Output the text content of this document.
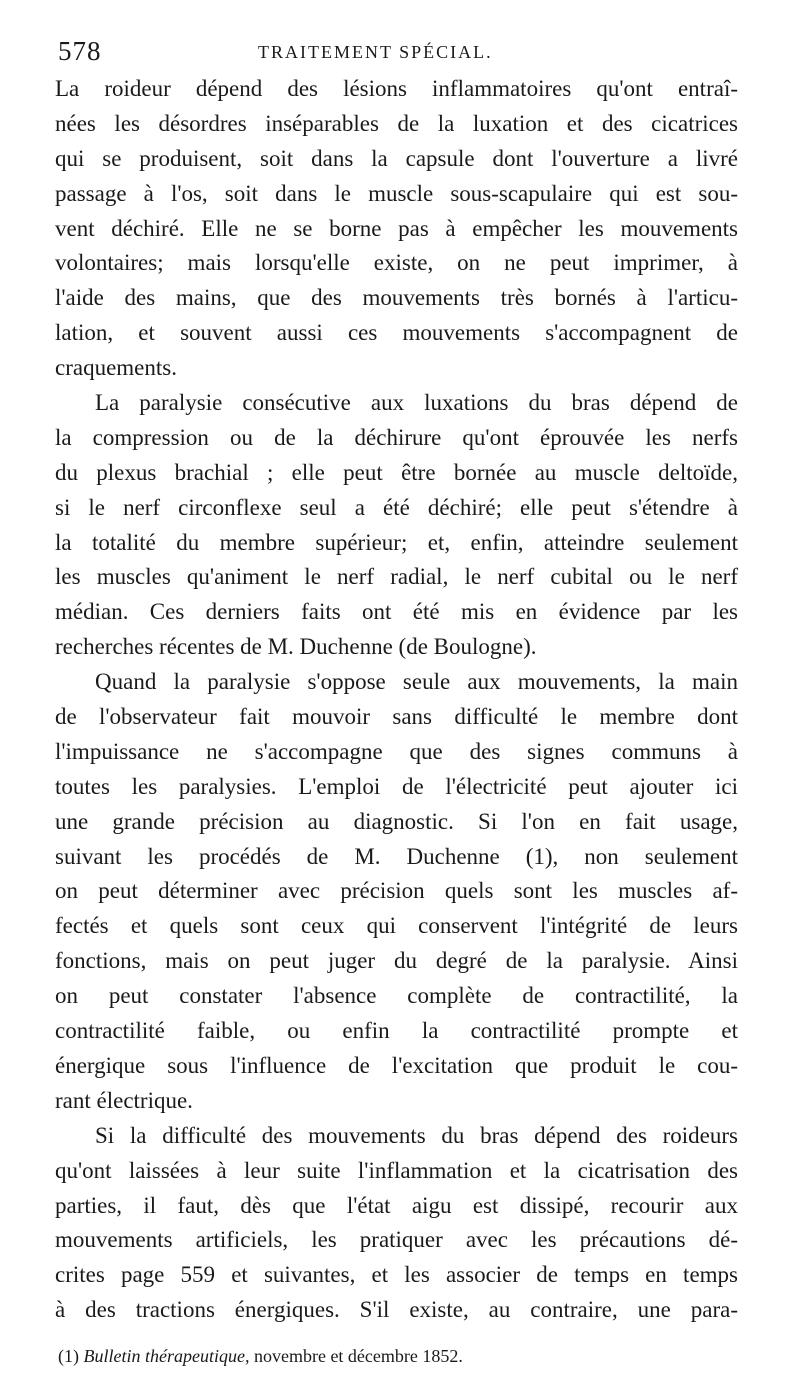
578	TRAITEMENT SPÉCIAL.
La roideur dépend des lésions inflammatoires qu'ont entraî-
nées les désordres inséparables de la luxation et des cicatrices
qui se produisent, soit dans la capsule dont l'ouverture a livré
passage à l'os, soit dans le muscle sous-scapulaire qui est sou-
vent déchiré. Elle ne se borne pas à empêcher les mouvements
volontaires; mais lorsqu'elle existe, on ne peut imprimer, à
l'aide des mains, que des mouvements très bornés à l'articu-
lation, et souvent aussi ces mouvements s'accompagnent de
craquements.
La paralysie consécutive aux luxations du bras dépend de
la compression ou de la déchirure qu'ont éprouvée les nerfs
du plexus brachial ; elle peut être bornée au muscle deltoïde,
si le nerf circonflexe seul a été déchiré; elle peut s'étendre à
la totalité du membre supérieur; et, enfin, atteindre seulement
les muscles qu'animent le nerf radial, le nerf cubital ou le nerf
médian. Ces derniers faits ont été mis en évidence par les
recherches récentes de M. Duchenne (de Boulogne).
Quand la paralysie s'oppose seule aux mouvements, la main
de l'observateur fait mouvoir sans difficulté le membre dont
l'impuissance ne s'accompagne que des signes communs à
toutes les paralysies. L'emploi de l'électricité peut ajouter ici
une grande précision au diagnostic. Si l'on en fait usage,
suivant les procédés de M. Duchenne (1), non seulement
on peut déterminer avec précision quels sont les muscles af-
fectés et quels sont ceux qui conservent l'intégrité de leurs
fonctions, mais on peut juger du degré de la paralysie. Ainsi
on peut constater l'absence complète de contractilité, la
contractilité faible, ou enfin la contractilité prompte et
énergique sous l'influence de l'excitation que produit le cou-
rant électrique.
Si la difficulté des mouvements du bras dépend des roideurs
qu'ont laissées à leur suite l'inflammation et la cicatrisation des
parties, il faut, dès que l'état aigu est dissipé, recourir aux
mouvements artificiels, les pratiquer avec les précautions dé-
crites page 559 et suivantes, et les associer de temps en temps
à des tractions énergiques. S'il existe, au contraire, une para-
(1) Bulletin thérapeutique, novembre et décembre 1852.
